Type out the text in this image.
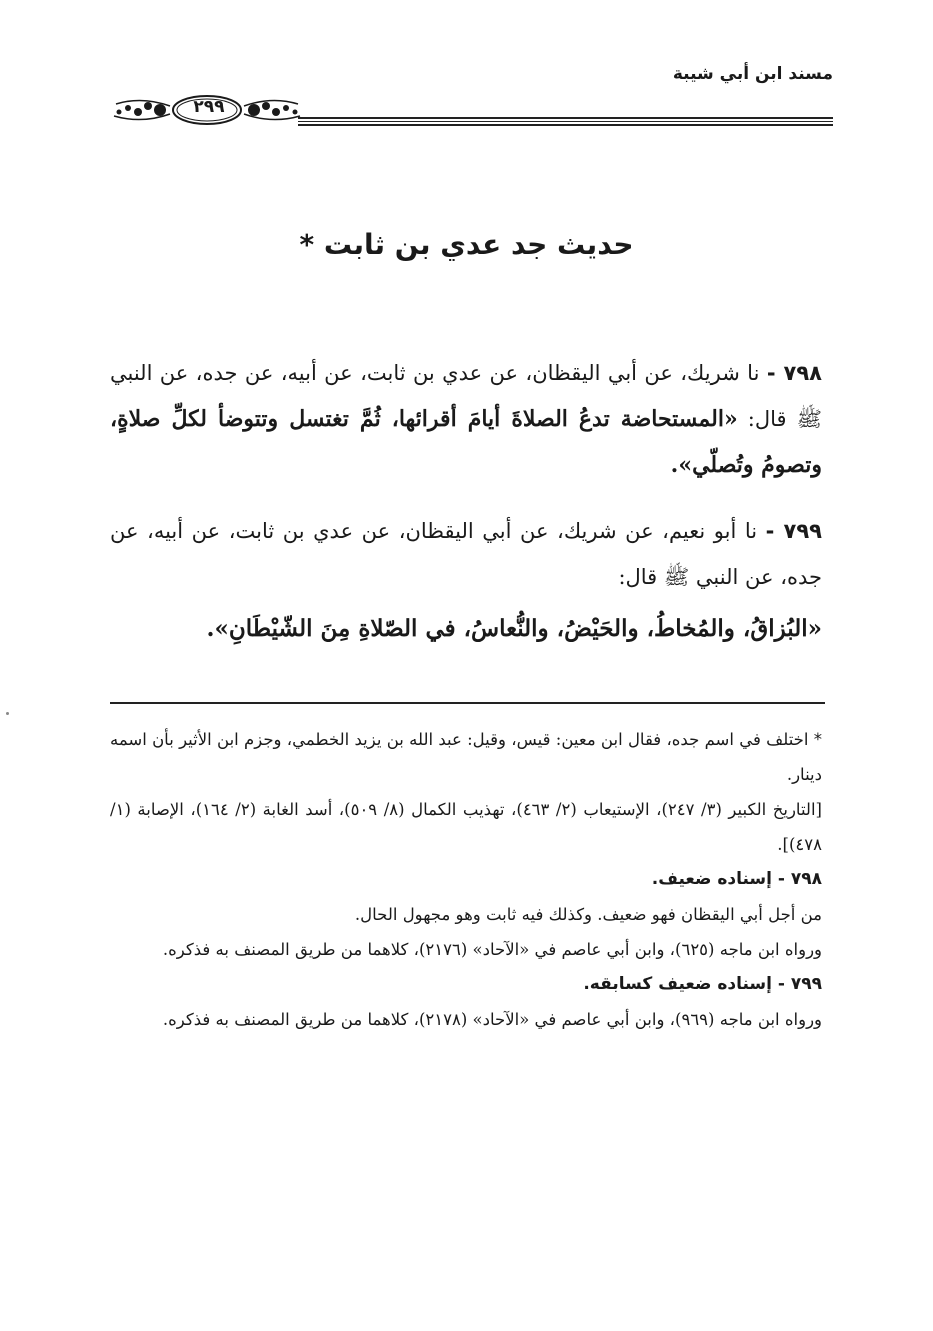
مسند ابن أبي شيبة
٢٩٩
حديث جد عدي بن ثابت *
٧٩٨ - نا شريك، عن أبي اليقظان، عن عدي بن ثابت، عن أبيه، عن جده، عن النبي ﷺ قال: «المستحاضة تدعُ الصلاةَ أيامَ أقرائها، ثُمَّ تغتسل وتتوضأ لكلِّ صلاةٍ، وتصومُ وتُصلّي».
٧٩٩ - نا أبو نعيم، عن شريك، عن أبي اليقظان، عن عدي بن ثابت، عن أبيه، عن جده، عن النبي ﷺ قال:
«البُزاقُ، والمُخاطُ، والحَيْضُ، والنُّعاسُ، في الصّلاةِ مِنَ الشّيْطَانِ».

* اختلف في اسم جده، فقال ابن معين: قيس، وقيل: عبد الله بن يزيد الخطمي، وجزم ابن الأثير بأن اسمه دينار.
[التاريخ الكبير (٣/ ٢٤٧)، الإستيعاب (٢/ ٤٦٣)، تهذيب الكمال (٨/ ٥٠٩)، أسد الغابة (٢/ ١٦٤)، الإصابة (١/ ٤٧٨)].

٧٩٨ - إسناده ضعيف.
من أجل أبي اليقظان فهو ضعيف. وكذلك فيه ثابت وهو مجهول الحال.
ورواه ابن ماجه (٦٢٥)، وابن أبي عاصم في «الآحاد» (٢١٧٦)، كلاهما من طريق المصنف به فذكره.

٧٩٩ - إسناده ضعيف كسابقه.
ورواه ابن ماجه (٩٦٩)، وابن أبي عاصم في «الآحاد» (٢١٧٨)، كلاهما من طريق المصنف به فذكره.
